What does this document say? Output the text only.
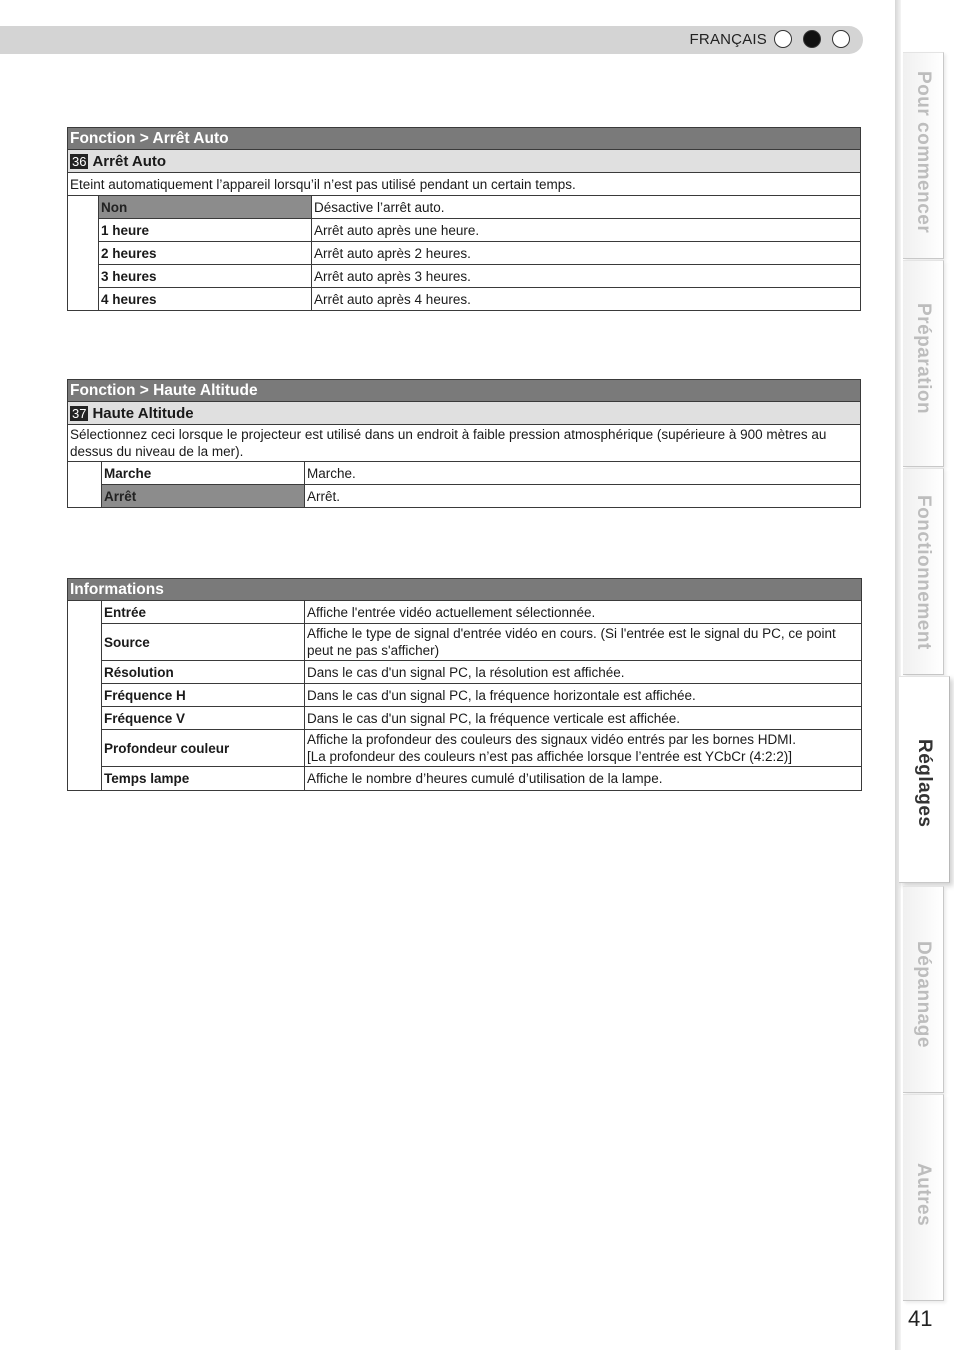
FRANÇAIS
Pour commencer
Préparation
Fonctionnement
Réglages
Dépannage
Autres
41
Fonction > Arrêt Auto		
36 Arrêt Auto		
Eteint automatiquement l’appareil lorsqu’il n’est pas utilisé pendant un certain temps.		
	Non	Désactive l’arrêt auto.
	1 heure	Arrêt auto après une heure.
	2 heures	Arrêt auto après 2 heures.
	3 heures	Arrêt auto après 3 heures.
	4 heures	Arrêt auto après 4 heures.
Fonction > Haute Altitude		
37 Haute Altitude		
Sélectionnez ceci lorsque le projecteur est utilisé dans un endroit à faible pression atmosphérique (supérieure à 900 mètres au dessus du niveau de la mer).		
	Marche	Marche.
	Arrêt	Arrêt.
Informations		
	Entrée	Affiche l'entrée vidéo actuellement sélectionnée.
	Source	Affiche le type de signal d'entrée vidéo en cours. (Si l'entrée est le signal du PC, ce point peut ne pas s'afficher)
	Résolution	Dans le cas d'un signal PC, la résolution est affichée.
	Fréquence H	Dans le cas d'un signal PC, la fréquence horizontale est affichée.
	Fréquence V	Dans le cas d'un signal PC, la fréquence verticale est affichée.
	Profondeur couleur	Affiche la profondeur des couleurs des signaux vidéo entrés par les bornes HDMI.
[La profondeur des couleurs n’est pas affichée lorsque l’entrée est YCbCr (4:2:2)]
	Temps lampe	Affiche le nombre d’heures cumulé d’utilisation de la lampe.
